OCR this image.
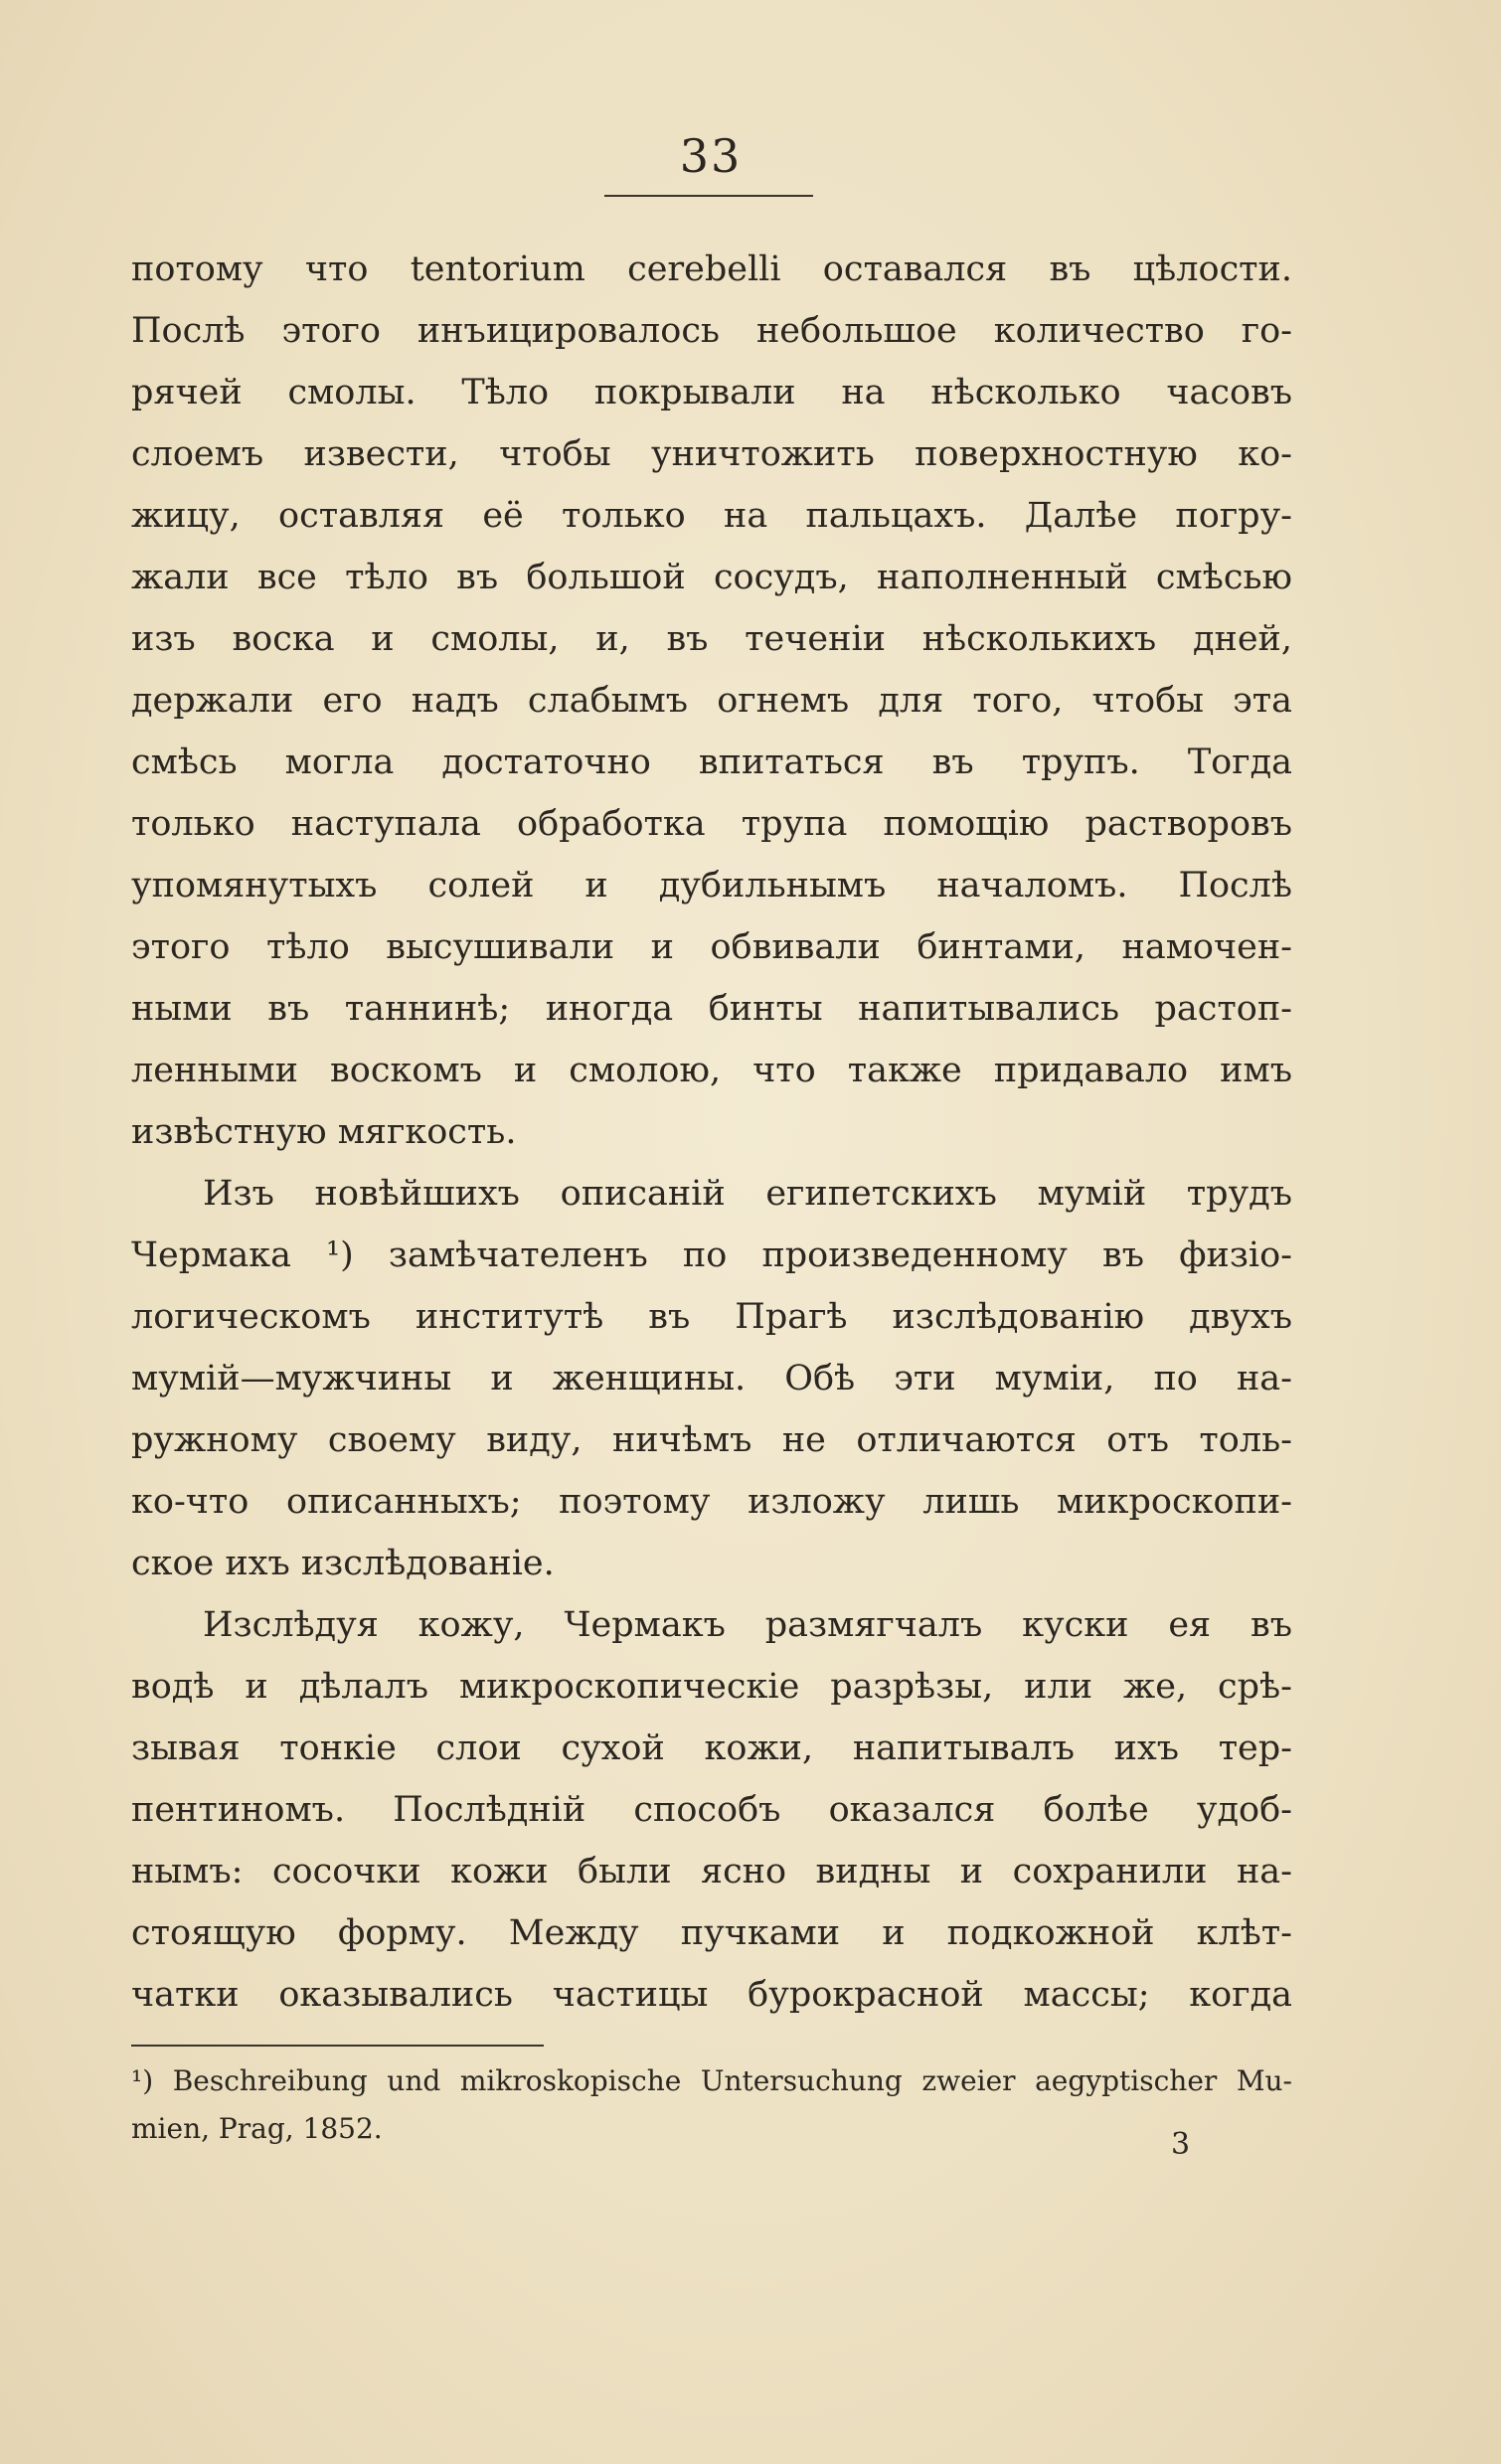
33
потому что tentorium cerebelli оставался въ цѣлости.
Послѣ этого инъицировалось небольшое количество го-
рячей смолы. Тѣло покрывали на нѣсколько часовъ
слоемъ извести, чтобы уничтожить поверхностную ко-
жицу, оставляя её только на пальцахъ. Далѣе погру-
жали все тѣло въ большой сосудъ, наполненный смѣсью
изъ воска и смолы, и, въ теченіи нѣсколькихъ дней,
держали его надъ слабымъ огнемъ для того, чтобы эта
смѣсь могла достаточно впитаться въ трупъ. Тогда
только наступала обработка трупа помощію растворовъ
упомянутыхъ солей и дубильнымъ началомъ. Послѣ
этого тѣло высушивали и обвивали бинтами, намочен-
ными въ таннинѣ; иногда бинты напитывались растоп-
ленными воскомъ и смолою, что также придавало имъ
извѣстную мягкость.
Изъ новѣйшихъ описаній египетскихъ мумій трудъ
Чермака ¹) замѣчателенъ по произведенному въ физіо-
логическомъ институтѣ въ Прагѣ изслѣдованію двухъ
мумій—мужчины и женщины. Обѣ эти муміи, по на-
ружному своему виду, ничѣмъ не отличаются отъ толь-
ко-что описанныхъ; поэтому изложу лишь микроскопи-
ское ихъ изслѣдованіе.
Изслѣдуя кожу, Чермакъ размягчалъ куски ея въ
водѣ и дѣлалъ микроскопическіе разрѣзы, или же, срѣ-
зывая тонкіе слои сухой кожи, напитывалъ ихъ тер-
пентиномъ. Послѣдній способъ оказался болѣе удоб-
нымъ: сосочки кожи были ясно видны и сохранили на-
стоящую форму. Между пучками и подкожной клѣт-
чатки оказывались частицы бурокрасной массы; когда
¹) Beschreibung und mikroskopische Untersuchung zweier aegyptischer Mu-
mien, Prag, 1852.	3
